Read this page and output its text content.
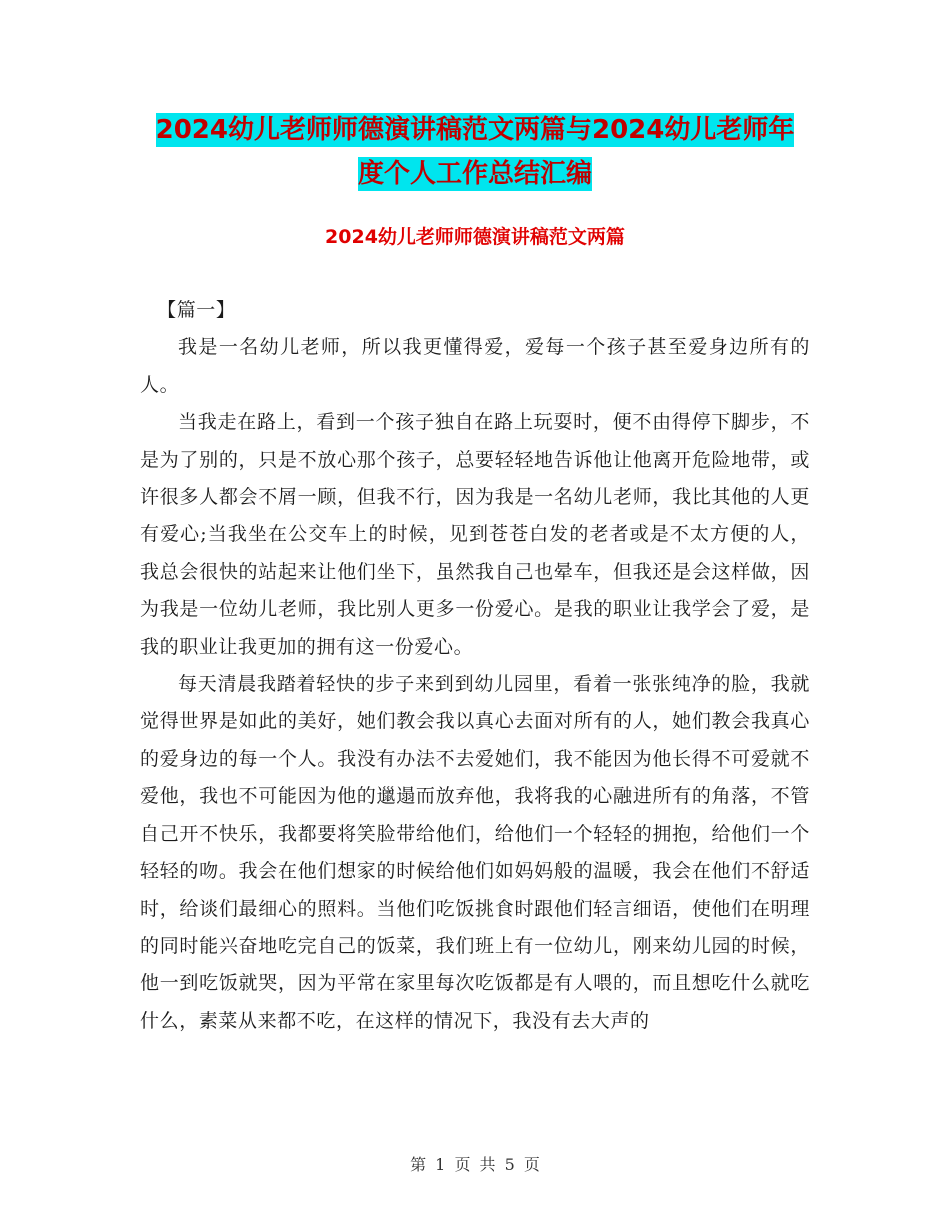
2024幼儿老师师德演讲稿范文两篇与2024幼儿老师年
度个人工作总结汇编
2024幼儿老师师德演讲稿范文两篇

【篇一】

我是一名幼儿老师，所以我更懂得爱，爱每一个孩子甚至爱身边所有的人。

当我走在路上，看到一个孩子独自在路上玩耍时，便不由得停下脚步，不是为了别的，只是不放心那个孩子，总要轻轻地告诉他让他离开危险地带，或许很多人都会不屑一顾，但我不行，因为我是一名幼儿老师，我比其他的人更有爱心;当我坐在公交车上的时候，见到苍苍白发的老者或是不太方便的人，我总会很快的站起来让他们坐下，虽然我自己也晕车，但我还是会这样做，因为我是一位幼儿老师，我比别人更多一份爱心。是我的职业让我学会了爱，是我的职业让我更加的拥有这一份爱心。

每天清晨我踏着轻快的步子来到到幼儿园里，看着一张张纯净的脸，我就觉得世界是如此的美好，她们教会我以真心去面对所有的人，她们教会我真心的爱身边的每一个人。我没有办法不去爱她们，我不能因为他长得不可爱就不爱他，我也不可能因为他的邋遢而放弃他，我将我的心融进所有的角落，不管自己开不快乐，我都要将笑脸带给他们，给他们一个轻轻的拥抱，给他们一个轻轻的吻。我会在他们想家的时候给他们如妈妈般的温暖，我会在他们不舒适时，给谈们最细心的照料。当他们吃饭挑食时跟他们轻言细语，使他们在明理的同时能兴奋地吃完自己的饭菜，我们班上有一位幼儿，刚来幼儿园的时候，他一到吃饭就哭，因为平常在家里每次吃饭都是有人喂的，而且想吃什么就吃什么，素菜从来都不吃，在这样的情况下，我没有去大声的

第 1 页 共 5 页
